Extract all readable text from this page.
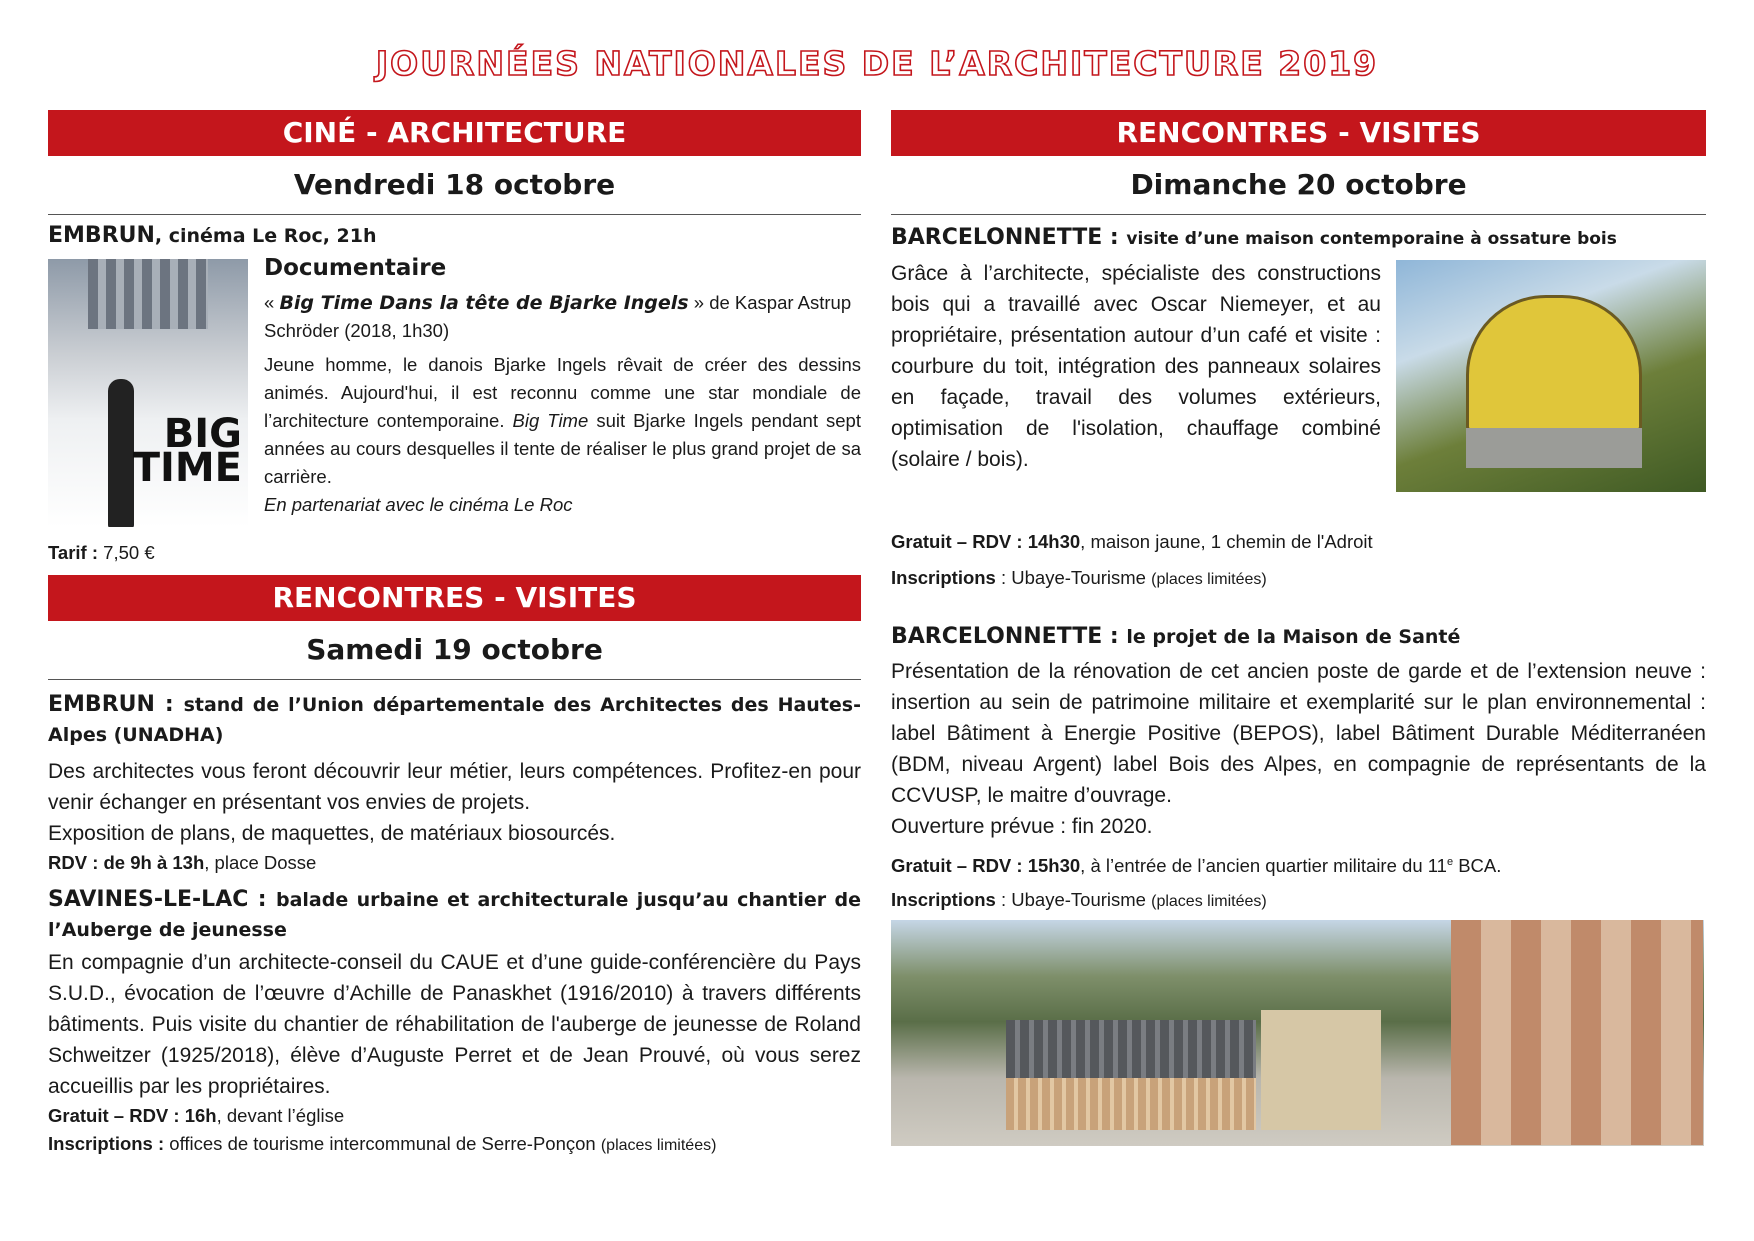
JOURNÉES NATIONALES DE L’ARCHITECTURE 2019
CINÉ - ARCHITECTURE
Vendredi 18 octobre
EMBRUN, cinéma Le Roc, 21h
BIG
TIME
Documentaire

« Big Time Dans la tête de Bjarke Ingels » de Kaspar Astrup Schröder (2018, 1h30)

Jeune homme, le danois Bjarke Ingels rêvait de créer des dessins animés. Aujourd'hui, il est reconnu comme une star mondiale de l’architecture contemporaine. Big Time suit Bjarke Ingels pendant sept années au cours desquelles il tente de réaliser le plus grand projet de sa carrière.

En partenariat avec le cinéma Le Roc

Tarif : 7,50 €
RENCONTRES - VISITES
Samedi 19 octobre
EMBRUN : stand de l’Union départementale des Architectes des Hautes-Alpes (UNADHA)

Des architectes vous feront découvrir leur métier, leurs compétences. Profitez-en pour venir échanger en présentant vos envies de projets.

Exposition de plans, de maquettes, de matériaux biosourcés.

RDV : de 9h à 13h, place Dosse
SAVINES-LE-LAC : balade urbaine et architecturale jusqu’au chantier de l’Auberge de jeunesse

En compagnie d’un architecte-conseil du CAUE et d’une guide-conférencière du Pays S.U.D., évocation de l’œuvre d’Achille de Panaskhet (1916/2010) à travers différents bâtiments. Puis visite du chantier de réhabilitation de l'auberge de jeunesse de Roland Schweitzer (1925/2018), élève d’Auguste Perret et de Jean Prouvé, où vous serez accueillis par les propriétaires.

Gratuit – RDV : 16h, devant l’église
Inscriptions : offices de tourisme intercommunal de Serre-Ponçon (places limitées)
RENCONTRES - VISITES
Dimanche 20 octobre
BARCELONNETTE : visite d’une maison contemporaine à ossature bois

Grâce à l’architecte, spécialiste des constructions bois qui a travaillé avec Oscar Niemeyer, et au propriétaire, présentation autour d’un café et visite : courbure du toit, intégration des panneaux solaires en façade, travail des volumes extérieurs, optimisation de l'isolation, chauffage combiné (solaire / bois).

Gratuit – RDV : 14h30, maison jaune, 1 chemin de l'Adroit
Inscriptions : Ubaye-Tourisme (places limitées)
BARCELONNETTE : le projet de la Maison de Santé

Présentation de la rénovation de cet ancien poste de garde et de l’extension neuve : insertion au sein de patrimoine militaire et exemplarité sur le plan environnemental : label Bâtiment à Energie Positive (BEPOS), label Bâtiment Durable Méditerranéen (BDM, niveau Argent) label Bois des Alpes, en compagnie de représentants de la CCVUSP, le maitre d’ouvrage.

Ouverture prévue : fin 2020.

Gratuit – RDV : 15h30, à l’entrée de l’ancien quartier militaire du 11e BCA.
Inscriptions : Ubaye-Tourisme (places limitées)
